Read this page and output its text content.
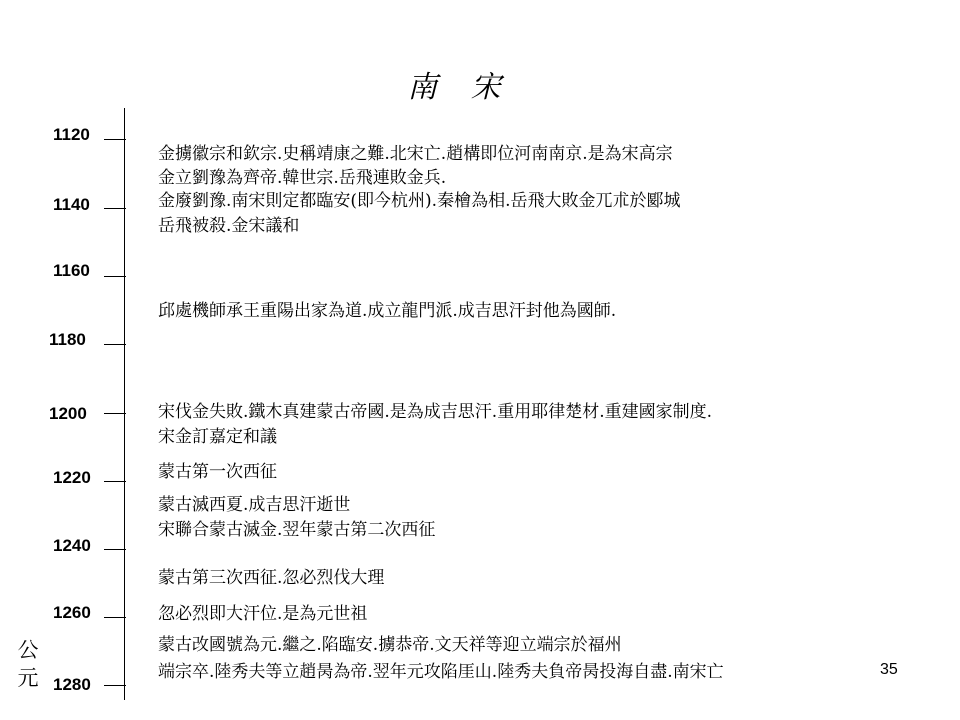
南 宋
1120
1140
1160
1180
1200
1220
1240
1260
1280
金擄徽宗和欽宗.史稱靖康之難.北宋亡.趙構即位河南南京.是為宋高宗
金立劉豫為齊帝.韓世宗.岳飛連敗金兵.
金廢劉豫.南宋則定都臨安(即今杭州).秦檜為相.岳飛大敗金兀朮於郾城
岳飛被殺.金宋議和
邱處機師承王重陽出家為道.成立龍門派.成吉思汗封他為國師.
宋伐金失敗.鐵木真建蒙古帝國.是為成吉思汗.重用耶律楚材.重建國家制度.
宋金訂嘉定和議
蒙古第一次西征
蒙古滅西夏.成吉思汗逝世
宋聯合蒙古滅金.翌年蒙古第二次西征
蒙古第三次西征.忽必烈伐大理
忽必烈即大汗位.是為元世祖
蒙古改國號為元.繼之.陷臨安.擄恭帝.文天祥等迎立端宗於福州
端宗卒.陸秀夫等立趙昺為帝.翌年元攻陷厓山.陸秀夫負帝昺投海自盡.南宋亡
公
元	35
